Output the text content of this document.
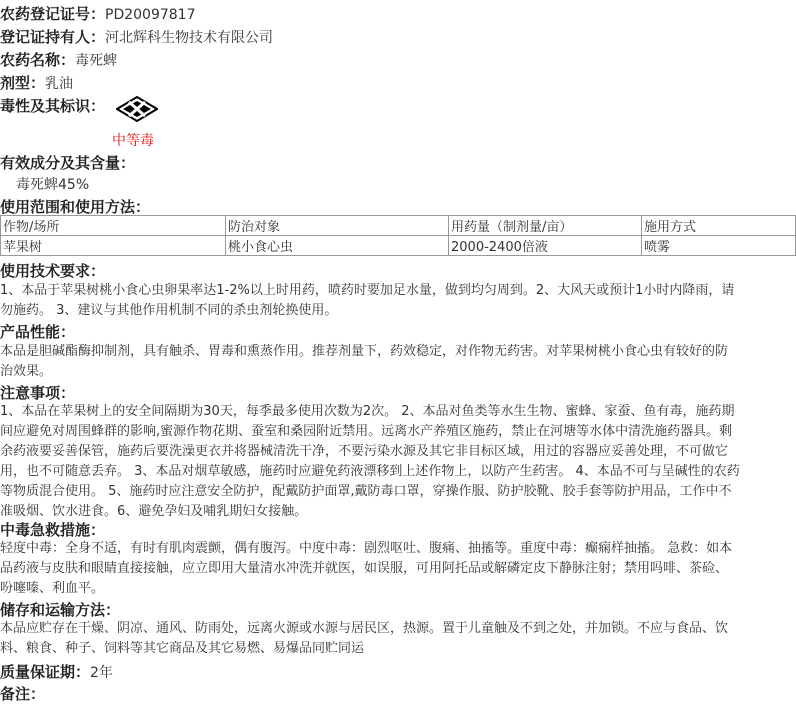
农药登记证号：PD20097817
登记证持有人：河北辉科生物技术有限公司
农药名称：毒死蜱
剂型：乳油
毒性及其标识：
中等毒
有效成分及其含量：
毒死蜱45%
使用范围和使用方法：
作物/场所	防治对象	用药量（制剂量/亩）	施用方式
苹果树	桃小食心虫	2000-2400倍液	喷雾
使用技术要求：
1、本品于苹果树桃小食心虫卵果率达1-2%以上时用药，喷药时要加足水量，做到均匀周到。2、大风天或预计1小时内降雨，请
勿施药。 3、建议与其他作用机制不同的杀虫剂轮换使用。
产品性能：
本品是胆碱酯酶抑制剂，具有触杀、胃毒和熏蒸作用。推荐剂量下，药效稳定，对作物无药害。对苹果树桃小食心虫有较好的防
治效果。
注意事项：
1、本品在苹果树上的安全间隔期为30天，每季最多使用次数为2次。 2、本品对鱼类等水生生物、蜜蜂、家蚕、鱼有毒，施药期
间应避免对周围蜂群的影响,蜜源作物花期、蚕室和桑园附近禁用。远离水产养殖区施药，禁止在河塘等水体中清洗施药器具。剩
余药液要妥善保管，施药后要洗澡更衣并将器械清洗干净，不要污染水源及其它非目标区域，用过的容器应妥善处理，不可做它
用，也不可随意丢弃。 3、本品对烟草敏感，施药时应避免药液漂移到上述作物上，以防产生药害。 4、本品不可与呈碱性的农药
等物质混合使用。 5、施药时应注意安全防护，配戴防护面罩,戴防毒口罩，穿操作服、防护胶靴、胶手套等防护用品，工作中不
准吸烟、饮水进食。6、避免孕妇及哺乳期妇女接触。
中毒急救措施：
轻度中毒：全身不适，有时有肌肉震颤，偶有腹泻。中度中毒：剧烈呕吐、腹痛、抽搐等。重度中毒：癫痫样抽搐。 急救：如本
品药液与皮肤和眼睛直接接触，应立即用大量清水冲洗并就医，如误服，可用阿托品或解磷定皮下静脉注射；禁用吗啡、茶硷、
吩噻嗪、利血平。
储存和运输方法：
本品应贮存在干燥、阴凉、通风、防雨处，远离火源或水源与居民区，热源。置于儿童触及不到之处，并加锁。不应与食品、饮
料、粮食、种子、饲料等其它商品及其它易燃、易爆品同贮同运
质量保证期：2年
备注：
